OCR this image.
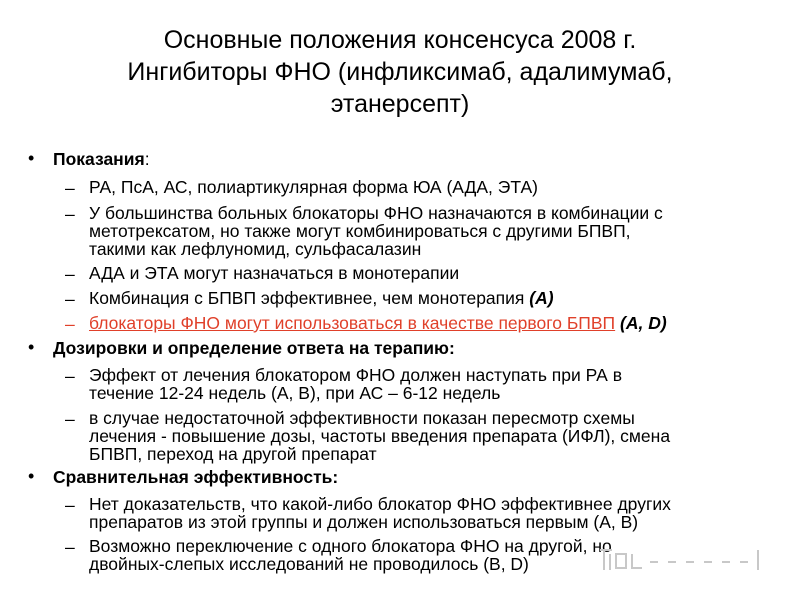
Основные положения консенсуса 2008 г.
Ингибиторы ФНО (инфликсимаб, адалимумаб,
этанерсепт)
• Показания:
– РА, ПсА, АС, полиартикулярная форма ЮА (АДА, ЭТА)
– У большинства больных блокаторы ФНО назначаются в комбинации с
метотрексатом, но также могут комбинироваться с другими БПВП,
такими как лефлуномид, сульфасалазин
– АДА и ЭТА могут назначаться в монотерапии
– Комбинация с БПВП эффективнее, чем монотерапия (А)
– блокаторы ФНО могут использоваться в качестве первого БПВП (А, D)
• Дозировки и определение ответа на терапию:
– Эффект от лечения блокатором ФНО должен наступать при РА в
течение 12-24 недель (А, В), при АС – 6-12 недель
– в случае недостаточной эффективности показан пересмотр схемы
лечения - повышение дозы, частоты введения препарата (ИФЛ), смена
БПВП, переход на другой препарат
• Сравнительная эффективность:
– Нет доказательств, что какой-либо блокатор ФНО эффективнее других
препаратов из этой группы и должен использоваться первым (А, В)
– Возможно переключение с одного блокатора ФНО на другой, но
двойных-слепых исследований не проводилось (В, D)
